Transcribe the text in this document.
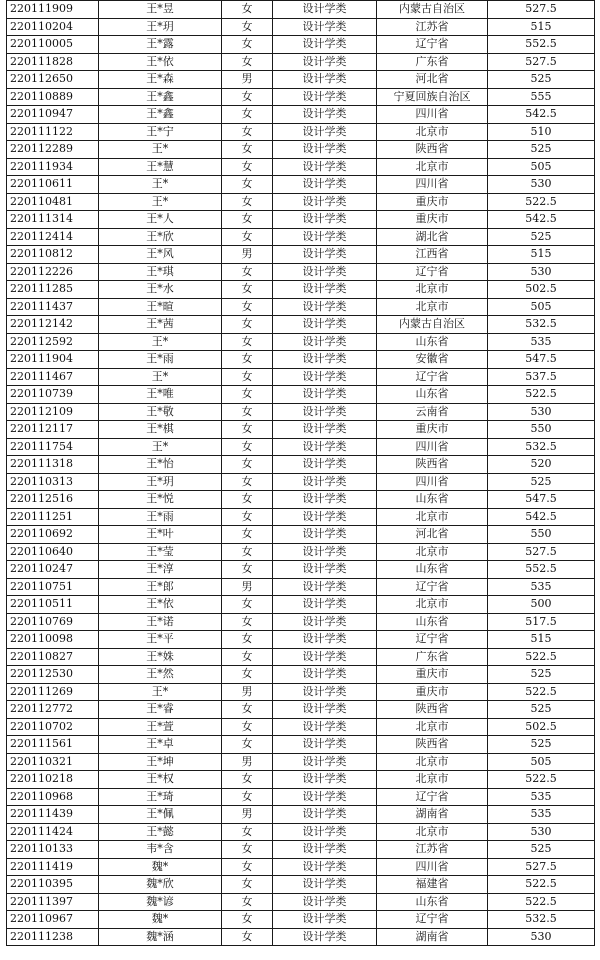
220111909	王*昱	女	设计学类	内蒙古自治区	527.5
220110204	王*玥	女	设计学类	江苏省	515
220110005	王*露	女	设计学类	辽宁省	552.5
220111828	王*依	女	设计学类	广东省	527.5
220112650	王*森	男	设计学类	河北省	525
220110889	王*鑫	女	设计学类	宁夏回族自治区	555
220110947	王*鑫	女	设计学类	四川省	542.5
220111122	王*宁	女	设计学类	北京市	510
220112289	王*	女	设计学类	陕西省	525
220111934	王*慧	女	设计学类	北京市	505
220110611	王*	女	设计学类	四川省	530
220110481	王*	女	设计学类	重庆市	522.5
220111314	王*人	女	设计学类	重庆市	542.5
220112414	王*欣	女	设计学类	湖北省	525
220110812	王*风	男	设计学类	江西省	515
220112226	王*琪	女	设计学类	辽宁省	530
220111285	王*水	女	设计学类	北京市	502.5
220111437	王*暄	女	设计学类	北京市	505
220112142	王*茜	女	设计学类	内蒙古自治区	532.5
220112592	王*	女	设计学类	山东省	535
220111904	王*雨	女	设计学类	安徽省	547.5
220111467	王*	女	设计学类	辽宁省	537.5
220110739	王*唯	女	设计学类	山东省	522.5
220112109	王*敬	女	设计学类	云南省	530
220112117	王*棋	女	设计学类	重庆市	550
220111754	王*	女	设计学类	四川省	532.5
220111318	王*怡	女	设计学类	陕西省	520
220110313	王*玥	女	设计学类	四川省	525
220112516	王*悦	女	设计学类	山东省	547.5
220111251	王*雨	女	设计学类	北京市	542.5
220110692	王*叶	女	设计学类	河北省	550
220110640	王*莹	女	设计学类	北京市	527.5
220110247	王*淳	女	设计学类	山东省	552.5
220110751	王*郎	男	设计学类	辽宁省	535
220110511	王*依	女	设计学类	北京市	500
220110769	王*诺	女	设计学类	山东省	517.5
220110098	王*平	女	设计学类	辽宁省	515
220110827	王*姝	女	设计学类	广东省	522.5
220112530	王*然	女	设计学类	重庆市	525
220111269	王*	男	设计学类	重庆市	522.5
220112772	王*睿	女	设计学类	陕西省	525
220110702	王*萱	女	设计学类	北京市	502.5
220111561	王*卓	女	设计学类	陕西省	525
220110321	王*坤	男	设计学类	北京市	505
220110218	王*权	女	设计学类	北京市	522.5
220110968	王*琦	女	设计学类	辽宁省	535
220111439	王*佩	男	设计学类	湖南省	535
220111424	王*懿	女	设计学类	北京市	530
220110133	韦*含	女	设计学类	江苏省	525
220111419	魏*	女	设计学类	四川省	527.5
220110395	魏*欣	女	设计学类	福建省	522.5
220111397	魏*谚	女	设计学类	山东省	522.5
220110967	魏*	女	设计学类	辽宁省	532.5
220111238	魏*涵	女	设计学类	湖南省	530
